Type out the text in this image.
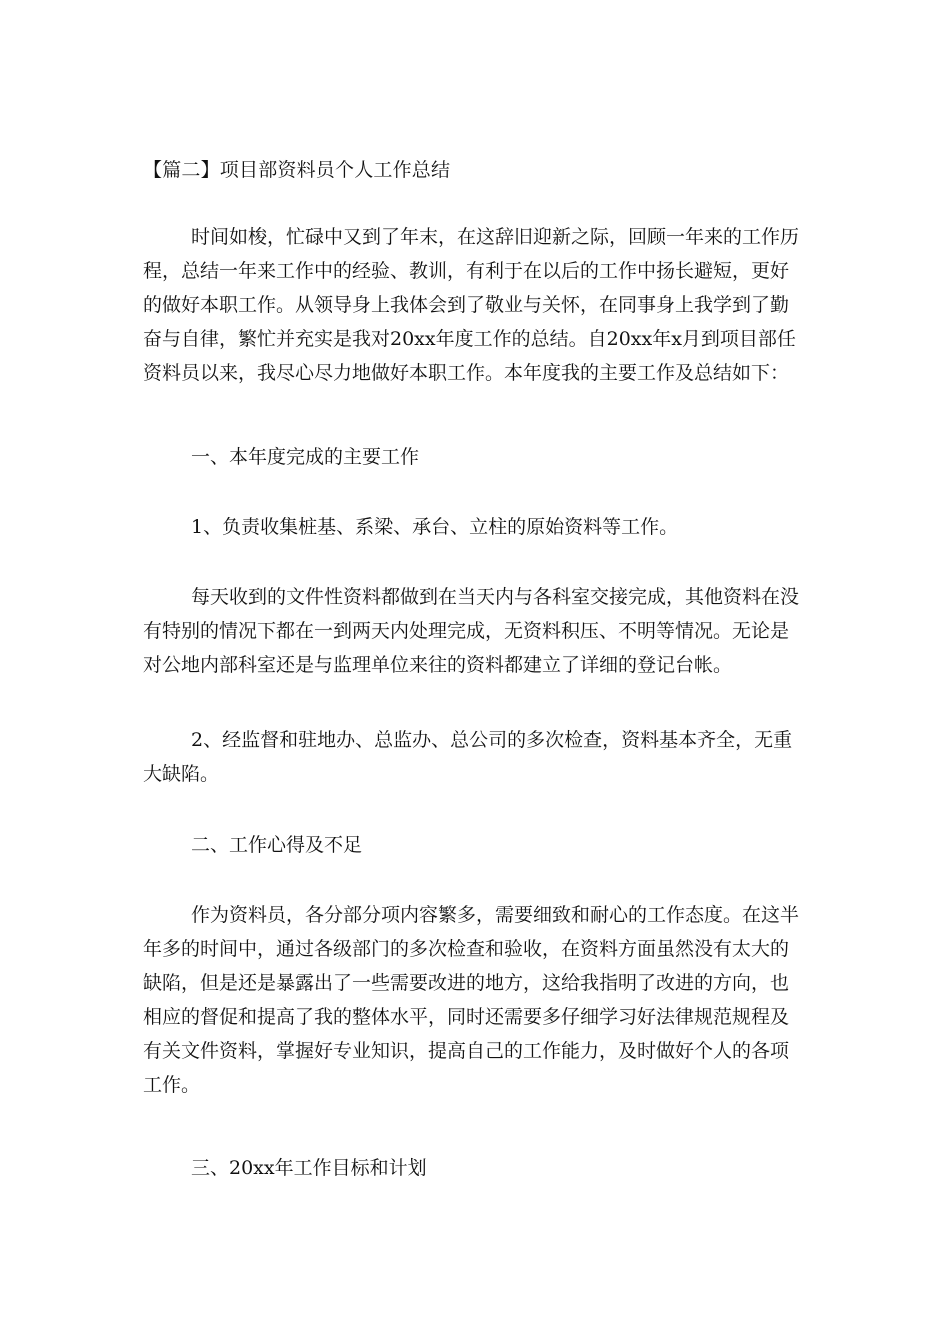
【篇二】项目部资料员个人工作总结

时间如梭，忙碌中又到了年末，在这辞旧迎新之际，回顾一年来的工作历程，总结一年来工作中的经验、教训，有利于在以后的工作中扬长避短，更好的做好本职工作。从领导身上我体会到了敬业与关怀，在同事身上我学到了勤奋与自律，繁忙并充实是我对20xx年度工作的总结。自20xx年x月到项目部任资料员以来，我尽心尽力地做好本职工作。本年度我的主要工作及总结如下：

一、本年度完成的主要工作

1、负责收集桩基、系梁、承台、立柱的原始资料等工作。

每天收到的文件性资料都做到在当天内与各科室交接完成，其他资料在没有特别的情况下都在一到两天内处理完成，无资料积压、不明等情况。无论是对公地内部科室还是与监理单位来往的资料都建立了详细的登记台帐。

2、经监督和驻地办、总监办、总公司的多次检查，资料基本齐全，无重大缺陷。

二、工作心得及不足

作为资料员，各分部分项内容繁多，需要细致和耐心的工作态度。在这半年多的时间中，通过各级部门的多次检查和验收，在资料方面虽然没有太大的缺陷，但是还是暴露出了一些需要改进的地方，这给我指明了改进的方向，也相应的督促和提高了我的整体水平，同时还需要多仔细学习好法律规范规程及有关文件资料，掌握好专业知识，提高自己的工作能力，及时做好个人的各项工作。

三、20xx年工作目标和计划
